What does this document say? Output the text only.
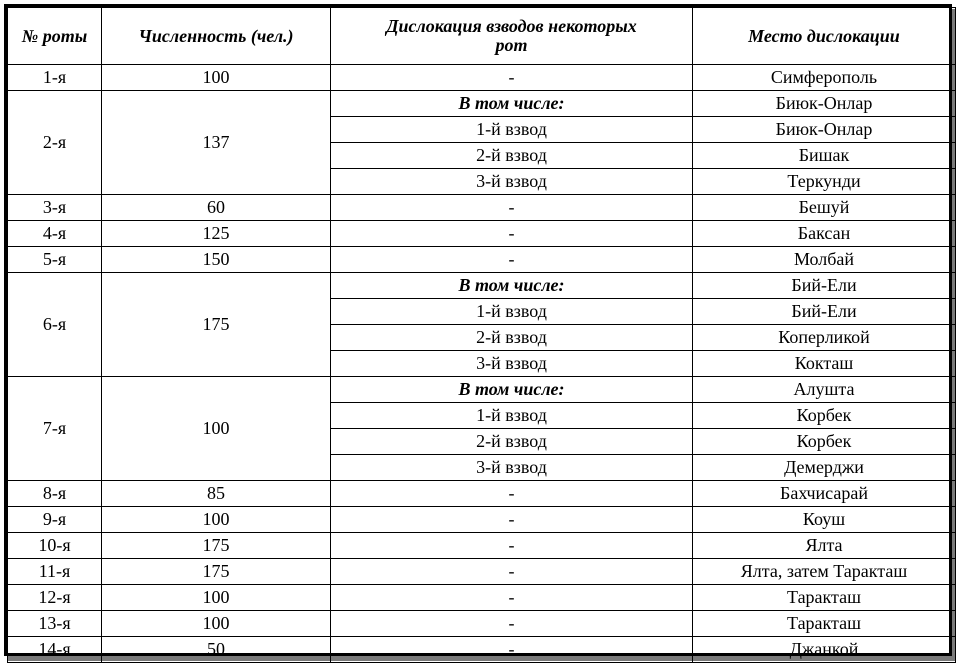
№ роты	Численность (чел.)	Дислокация взводов некоторых рот	Место дислокации
1-я	100	-	Симферополь
2-я	137	В том числе:	Биюк-Онлар
		1-й взвод	Биюк-Онлар
		2-й взвод	Бишак
		3-й взвод	Теркунди
3-я	60	-	Бешуй
4-я	125	-	Баксан
5-я	150	-	Молбай
6-я	175	В том числе:	Бий-Ели
		1-й взвод	Бий-Ели
		2-й взвод	Коперликой
		3-й взвод	Кокташ
7-я	100	В том числе:	Алушта
		1-й взвод	Корбек
		2-й взвод	Корбек
		3-й взвод	Демерджи
8-я	85	-	Бахчисарай
9-я	100	-	Коуш
10-я	175	-	Ялта
11-я	175	-	Ялта, затем Таракташ
12-я	100	-	Таракташ
13-я	100	-	Таракташ
14-я	50	-	Джанкой
